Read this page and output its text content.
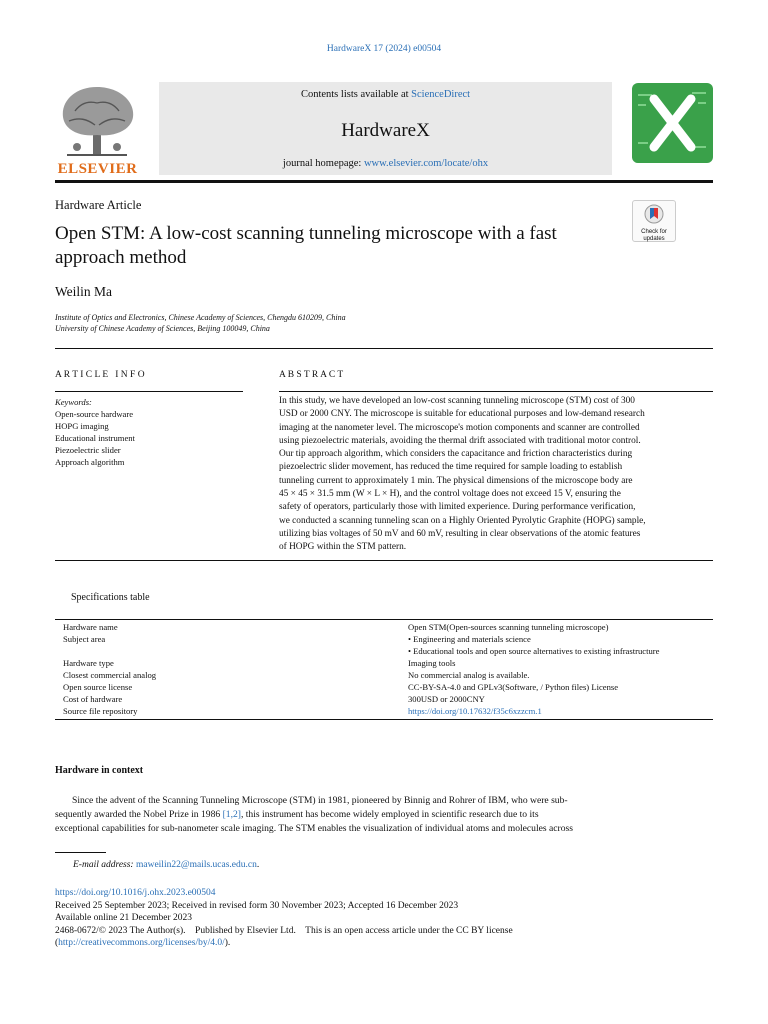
HardwareX 17 (2024) e00504
ELSEVIER
Contents lists available at ScienceDirect
HardwareX
journal homepage: www.elsevier.com/locate/ohx
Hardware Article
Check for
updates
Open STM: A low-cost scanning tunneling microscope with a fast
approach method
Weilin Ma
Institute of Optics and Electronics, Chinese Academy of Sciences, Chengdu 610209, China
University of Chinese Academy of Sciences, Beijing 100049, China
A R T I C L E   I N F O
Keywords:
Open-source hardware
HOPG imaging
Educational instrument
Piezoelectric slider
Approach algorithm
A B S T R A C T
In this study, we have developed an low-cost scanning tunneling microscope (STM) cost of 300
USD or 2000 CNY. The microscope is suitable for educational purposes and low-demand research
imaging at the nanometer level. The microscope's motion components and scanner are controlled
using piezoelectric materials, avoiding the thermal drift associated with traditional motor control.
Our tip approach algorithm, which considers the capacitance and friction characteristics during
piezoelectric slider movement, has reduced the time required for sample loading to establish
tunneling current to approximately 1 min. The physical dimensions of the microscope body are
45 × 45 × 31.5 mm (W × L × H), and the control voltage does not exceed 15 V, ensuring the
safety of operators, particularly those with limited experience. During performance verification,
we conducted a scanning tunneling scan on a Highly Oriented Pyrolytic Graphite (HOPG) sample,
utilizing bias voltages of 50 mV and 60 mV, resulting in clear observations of the atomic features
of HOPG within the STM pattern.
Specifications table
Hardware name	Open STM(Open-sources scanning tunneling microscope)
Subject area	• Engineering and materials science
• Educational tools and open source alternatives to existing infrastructure
Hardware type	Imaging tools
Closest commercial analog	No commercial analog is available.
Open source license	CC-BY-SA-4.0 and GPLv3(Software, / Python files) License
Cost of hardware	300USD or 2000CNY
Source file repository	https://doi.org/10.17632/f35c6xzzcm.1
Hardware in context
Since the advent of the Scanning Tunneling Microscope (STM) in 1981, pioneered by Binnig and Rohrer of IBM, who were sub-
sequently awarded the Nobel Prize in 1986 [1,2], this instrument has become widely employed in scientific research due to its
exceptional capabilities for sub-nanometer scale imaging. The STM enables the visualization of individual atoms and molecules across
E-mail address: maweilin22@mails.ucas.edu.cn.
https://doi.org/10.1016/j.ohx.2023.e00504
Received 25 September 2023; Received in revised form 30 November 2023; Accepted 16 December 2023
Available online 21 December 2023
2468-0672/© 2023 The Author(s).    Published by Elsevier Ltd.    This is an open access article under the CC BY license
(http://creativecommons.org/licenses/by/4.0/).
